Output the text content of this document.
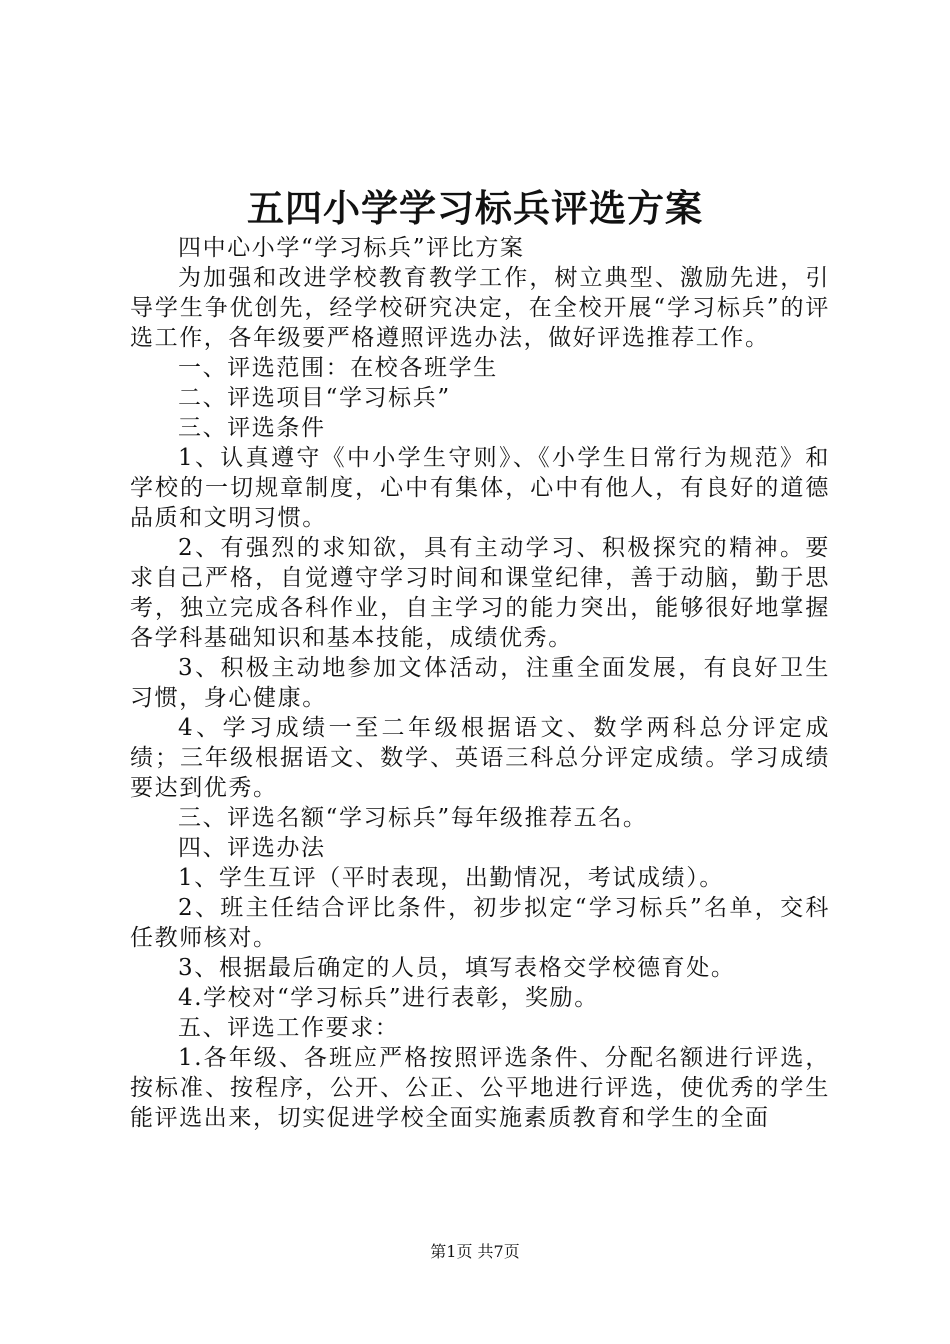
五四小学学习标兵评选方案

四中心小学“学习标兵”评比方案

为加强和改进学校教育教学工作，树立典型、激励先进，引导学生争优创先，经学校研究决定，在全校开展“学习标兵”的评选工作，各年级要严格遵照评选办法，做好评选推荐工作。

一、评选范围：在校各班学生

二、评选项目“学习标兵”

三、评选条件

1、认真遵守《中小学生守则》、《小学生日常行为规范》和学校的一切规章制度，心中有集体，心中有他人，有良好的道德品质和文明习惯。

2、有强烈的求知欲，具有主动学习、积极探究的精神。要求自己严格，自觉遵守学习时间和课堂纪律，善于动脑，勤于思考，独立完成各科作业，自主学习的能力突出，能够很好地掌握各学科基础知识和基本技能，成绩优秀。

3、积极主动地参加文体活动，注重全面发展，有良好卫生习惯，身心健康。

4、学习成绩一至二年级根据语文、数学两科总分评定成绩；三年级根据语文、数学、英语三科总分评定成绩。学习成绩要达到优秀。

三、评选名额“学习标兵”每年级推荐五名。

四、评选办法

1、学生互评（平时表现，出勤情况，考试成绩）。

2、班主任结合评比条件，初步拟定“学习标兵”名单，交科任教师核对。

3、根据最后确定的人员，填写表格交学校德育处。

4.学校对“学习标兵”进行表彰，奖励。

五、评选工作要求：

1.各年级、各班应严格按照评选条件、分配名额进行评选，按标准、按程序，公开、公正、公平地进行评选，使优秀的学生能评选出来，切实促进学校全面实施素质教育和学生的全面

第1页 共7页
